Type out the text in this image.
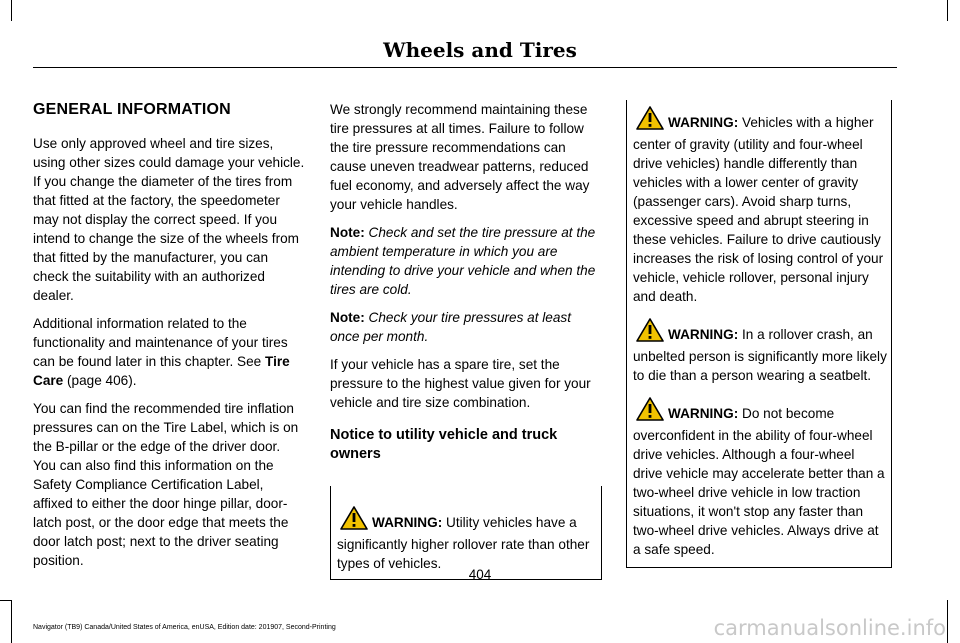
Wheels and Tires
GENERAL INFORMATION

Use only approved wheel and tire sizes, using other sizes could damage your vehicle. If you change the diameter of the tires from that fitted at the factory, the speedometer may not display the correct speed. If you intend to change the size of the wheels from that fitted by the manufacturer, you can check the suitability with an authorized dealer.

Additional information related to the functionality and maintenance of your tires can be found later in this chapter. See Tire Care (page 406).

You can find the recommended tire inflation pressures can on the Tire Label, which is on the B-pillar or the edge of the driver door. You can also find this information on the Safety Compliance Certification Label, affixed to either the door hinge pillar, door-latch post, or the door edge that meets the door latch post; next to the driver seating position.

We strongly recommend maintaining these tire pressures at all times. Failure to follow the tire pressure recommendations can cause uneven treadwear patterns, reduced fuel economy, and adversely affect the way your vehicle handles.

Note: Check and set the tire pressure at the ambient temperature in which you are intending to drive your vehicle and when the tires are cold.

Note: Check your tire pressures at least once per month.

If your vehicle has a spare tire, set the pressure to the highest value given for your vehicle and tire size combination.

Notice to utility vehicle and truck owners
WARNING: Utility vehicles have a significantly higher rollover rate than other types of vehicles.
WARNING: Vehicles with a higher center of gravity (utility and four-wheel drive vehicles) handle differently than vehicles with a lower center of gravity (passenger cars). Avoid sharp turns, excessive speed and abrupt steering in these vehicles. Failure to drive cautiously increases the risk of losing control of your vehicle, vehicle rollover, personal injury and death.
WARNING: In a rollover crash, an unbelted person is significantly more likely to die than a person wearing a seatbelt.
WARNING: Do not become overconfident in the ability of four-wheel drive vehicles. Although a four-wheel drive vehicle may accelerate better than a two-wheel drive vehicle in low traction situations, it won't stop any faster than two-wheel drive vehicles. Always drive at a safe speed.
404
Navigator (TB9) Canada/United States of America, enUSA, Edition date: 201907, Second-Printing	carmanualsonline.info
